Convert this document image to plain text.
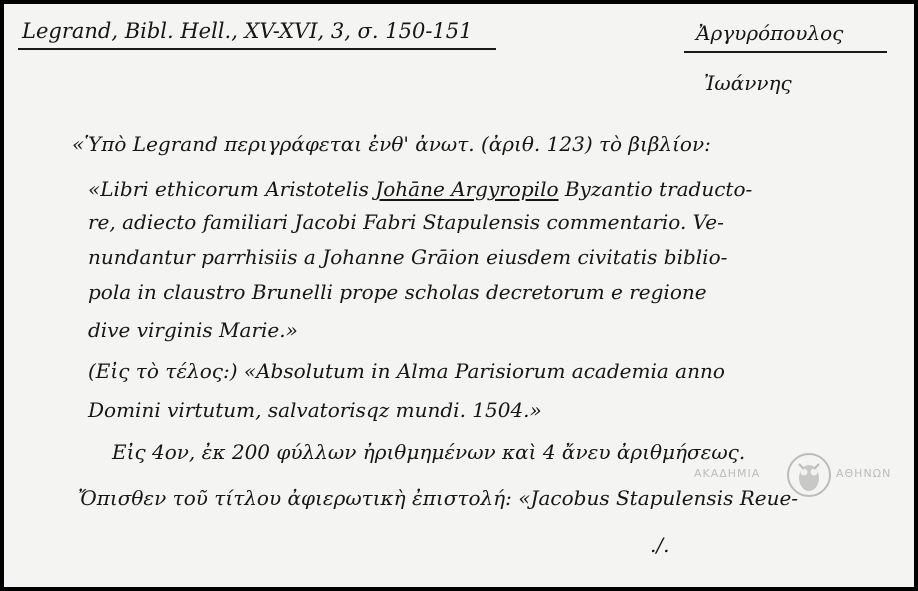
Legrand, Bibl. Hell., XV-XVI, 3, σ. 150-151	Ἀργυρόπουλος
Ἰωάννης
«Ὑπὸ Legrand περιγράφεται ἐνθ' ἀνωτ. (ἀριθ. 123) τὸ βιβλίον:
«Libri ethicorum Aristotelis Johāne Argyropilo Byzantio traducto-
re, adiecto familiari Jacobi Fabri Stapulensis commentario. Ve-
nundantur parrhisiis a Johanne Grāion eiusdem civitatis biblio-
pola in claustro Brunelli prope scholas decretorum e regione
dive virginis Marie.»
(Εἰς τὸ τέλος:) «Absolutum in Alma Parisiorum academia anno
Domini virtutum, salvatorisqz mundi. 1504.»
Εἰς 4ον, ἐκ 200 φύλλων ἠριθμημένων καὶ 4 ἄνευ ἀριθμήσεως.
Ὄπισθεν τοῦ τίτλου ἀφιερωτικὴ ἐπιστολή: «Jacobus Stapulensis Reue-
./.
ΑΚΑΔΗΜΙΑ	ΑΘΗΝΩΝ
